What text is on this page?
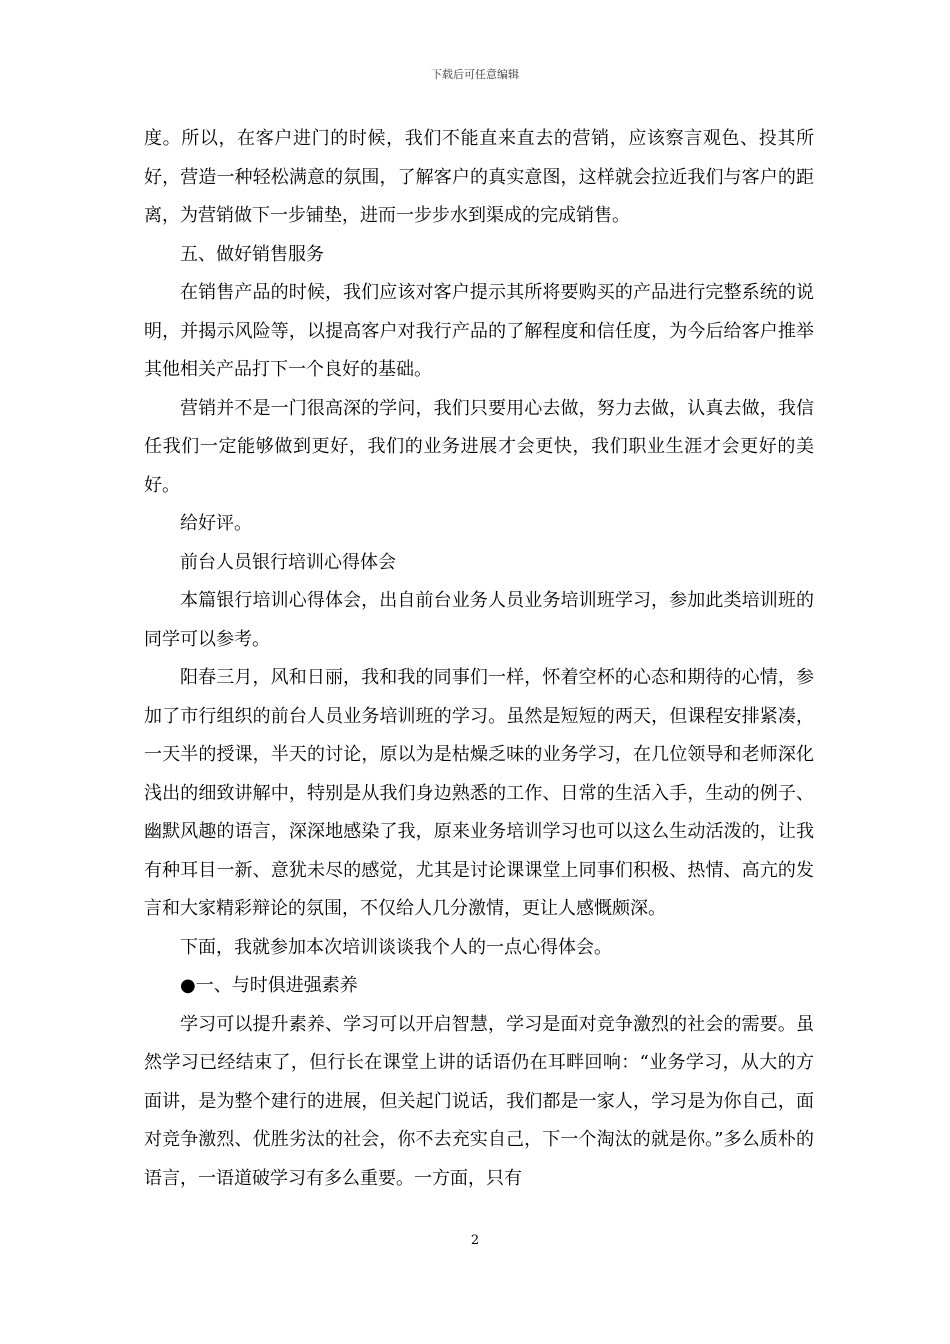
下载后可任意编辑

度。所以，在客户进门的时候，我们不能直来直去的营销，应该察言观色、投其所好，营造一种轻松满意的氛围，了解客户的真实意图，这样就会拉近我们与客户的距离，为营销做下一步铺垫，进而一步步水到渠成的完成销售。

五、做好销售服务

在销售产品的时候，我们应该对客户提示其所将要购买的产品进行完整系统的说明，并揭示风险等，以提高客户对我行产品的了解程度和信任度，为今后给客户推举其他相关产品打下一个良好的基础。

营销并不是一门很高深的学问，我们只要用心去做，努力去做，认真去做，我信任我们一定能够做到更好，我们的业务进展才会更快，我们职业生涯才会更好的美好。

给好评。

前台人员银行培训心得体会

本篇银行培训心得体会，出自前台业务人员业务培训班学习，参加此类培训班的同学可以参考。

阳春三月，风和日丽，我和我的同事们一样，怀着空杯的心态和期待的心情，参加了市行组织的前台人员业务培训班的学习。虽然是短短的两天，但课程安排紧凑，一天半的授课，半天的讨论，原以为是枯燥乏味的业务学习，在几位领导和老师深化浅出的细致讲解中，特别是从我们身边熟悉的工作、日常的生活入手，生动的例子、幽默风趣的语言，深深地感染了我，原来业务培训学习也可以这么生动活泼的，让我有种耳目一新、意犹未尽的感觉，尤其是讨论课课堂上同事们积极、热情、高亢的发言和大家精彩辩论的氛围，不仅给人几分激情，更让人感慨颇深。

下面，我就参加本次培训谈谈我个人的一点心得体会。

●一、与时俱进强素养

学习可以提升素养、学习可以开启智慧，学习是面对竞争激烈的社会的需要。虽然学习已经结束了，但行长在课堂上讲的话语仍在耳畔回响：“业务学习，从大的方面讲，是为整个建行的进展，但关起门说话，我们都是一家人，学习是为你自己，面对竞争激烈、优胜劣汰的社会，你不去充实自己，下一个淘汰的就是你。”多么质朴的语言，一语道破学习有多么重要。一方面，只有

2
